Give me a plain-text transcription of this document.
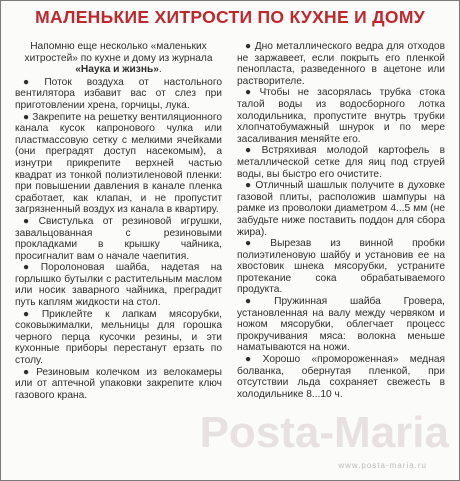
МАЛЕНЬКИЕ ХИТРОСТИ ПО КУХНЕ И ДОМУ

Напомню еще несколько «маленьких хитростей» по кухне и дому из журнала «Наука и жизнь».

● Поток воздуха от настольного вентилятора избавит вас от слез при приготовлении хрена, горчицы, лука.

● Закрепите на решетку вентиляционного канала кусок капронового чулка или пластмассовую сетку с мелкими ячейками (они преградят доступ насекомым), а изнутри прикрепите верхней частью квадрат из тонкой полиэтиленовой пленки: при повышении давления в канале пленка сработает, как клапан, и не пропустит загрязненный воздух из канала в квартиру.

● Свистулька от резиновой игрушки, завальцованная с резиновыми прокладками в крышку чайника, просигналит вам о начале чаепития.

● Поролоновая шайба, надетая на горлышко бутылки с растительным маслом или носик заварного чайника, преградит путь каплям жидкости на стол.

● Приклейте к лапкам мясорубки, соковыжималки, мельницы для горошка черного перца кусочки резины, и эти кухонные приборы перестанут ерзать по столу.

● Резиновым колечком из велокамеры или от аптечной упаковки закрепите ключ газового крана.

● Дно металлического ведра для отходов не заржавеет, если покрыть его пленкой пенопласта, разведенного в ацетоне или растворителе.

● Чтобы не засорялась трубка стока талой воды из водосборного лотка холодильника, пропустите внутрь трубки хлопчатобумажный шнурок и по мере засаливания меняйте его.

● Встряхивая молодой картофель в металлической сетке для яиц под струей воды, вы быстро его очистите.

● Отличный шашлык получите в духовке газовой плиты, расположив шампуры на рамке из проволоки диаметром 4...5 мм (не забудьте ниже поставить поддон для сбора жира).

● Вырезав из винной пробки полиэтиленовую шайбу и установив ее на хвостовик шнека мясорубки, устраните протекание сока обрабатываемого продукта.

● Пружинная шайба Гровера, установленная на валу между червяком и ножом мясорубки, облегчает процесс прокручивания мяса: волокна меньше наматываются на ножи.

● Хорошо «промороженная» медная болванка, обернутая пленкой, при отсутствии льда сохраняет свежесть в холодильнике 8...10 ч.

Posta-Maria
www.posta-maria.ru
